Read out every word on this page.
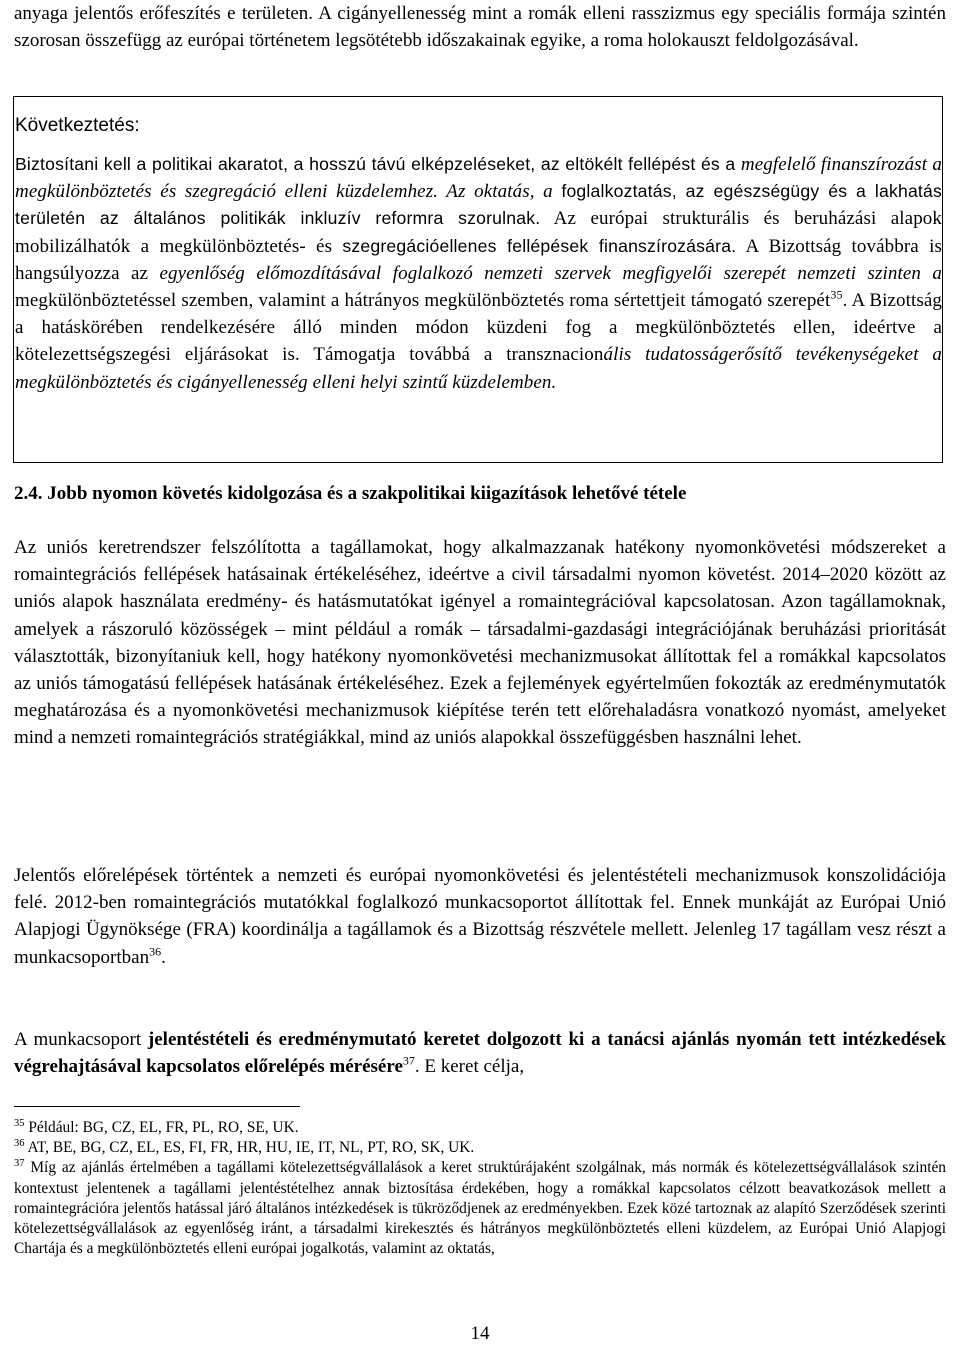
anyaga jelentős erőfeszítés e területen. A cigányellenesség mint a romák elleni rasszizmus egy speciális formája szintén szorosan összefügg az európai történetem legsötétebb időszakainak egyike, a roma holokauszt feldolgozásával.

Következtetés:

Biztosítani kell a politikai akaratot, a hosszú távú elképzeléseket, az eltökélt fellépést és a megfelelő finanszírozást a megkülönböztetés és szegregáció elleni küzdelemhez. Az oktatás, a foglalkoztatás, az egészségügy és a lakhatás területén az általános politikák inkluzív reformra szorulnak. Az európai strukturális és beruházási alapok mobilizálhatók a megkülönböztetés- és szegregációellenes fellépések finanszírozására. A Bizottság továbbra is hangsúlyozza az egyenlőség előmozdításával foglalkozó nemzeti szervek megfigyelői szerepét nemzeti szinten a megkülönböztetéssel szemben, valamint a hátrányos megkülönböztetés roma sértettjeit támogató szerepét$^{35}$. A Bizottság a hatáskörében rendelkezésére álló minden módon küzdeni fog a megkülönböztetés ellen, ideértve a kötelezettségszegési eljárásokat is. Támogatja továbbá a transznacionális tudatosságerősítő tevékenységeket a megkülönböztetés és cigányellenesség elleni helyi szintű küzdelemben.

2.4. Jobb nyomon követés kidolgozása és a szakpolitikai kiigazítások lehetővé tétele

Az uniós keretrendszer felszólította a tagállamokat, hogy alkalmazzanak hatékony nyomonkövetési módszereket a romaintegrációs fellépések hatásainak értékeléséhez, ideértve a civil társadalmi nyomon követést. 2014–2020 között az uniós alapok használata eredmény- és hatásmutatókat igényel a romaintegrációval kapcsolatosan. Azon tagállamoknak, amelyek a rászoruló közösségek – mint például a romák – társadalmi-gazdasági integrációjának beruházási prioritását választották, bizonyítaniuk kell, hogy hatékony nyomonkövetési mechanizmusokat állítottak fel a romákkal kapcsolatos az uniós támogatású fellépések hatásának értékeléséhez. Ezek a fejlemények egyértelműen fokozták az eredménymutatók meghatározása és a nyomonkövetési mechanizmusok kiépítése terén tett előrehaladásra vonatkozó nyomást, amelyeket mind a nemzeti romaintegrációs stratégiákkal, mind az uniós alapokkal összefüggésben használni lehet.

Jelentős előrelépések történtek a nemzeti és európai nyomonkövetési és jelentéstételi mechanizmusok konszolidációja felé. 2012-ben romaintegrációs mutatókkal foglalkozó munkacsoportot állítottak fel. Ennek munkáját az Európai Unió Alapjogi Ügynöksége (FRA) koordinálja a tagállamok és a Bizottság részvétele mellett. Jelenleg 17 tagállam vesz részt a munkacsoportban$^{36}$.

A munkacsoport jelentéstételi és eredménymutató keretet dolgozott ki a tanácsi ajánlás nyomán tett intézkedések végrehajtásával kapcsolatos előrelépés mérésére$^{37}$. E keret célja,

$^{35}$ Például: BG, CZ, EL, FR, PL, RO, SE, UK.

$^{36}$ AT, BE, BG, CZ, EL, ES, FI, FR, HR, HU, IE, IT, NL, PT, RO, SK, UK.

$^{37}$ Míg az ajánlás értelmében a tagállami kötelezettségvállalások a keret struktúrájaként szolgálnak, más normák és kötelezettségvállalások szintén kontextust jelentenek a tagállami jelentéstételhez annak biztosítása érdekében, hogy a romákkal kapcsolatos célzott beavatkozások mellett a romaintegrációra jelentős hatással járó általános intézkedések is tükröződjenek az eredményekben. Ezek közé tartoznak az alapító Szerződések szerinti kötelezettségvállalások az egyenlőség iránt, a társadalmi kirekesztés és hátrányos megkülönböztetés elleni küzdelem, az Európai Unió Alapjogi Chartája és a megkülönböztetés elleni európai jogalkotás, valamint az oktatás,

14
